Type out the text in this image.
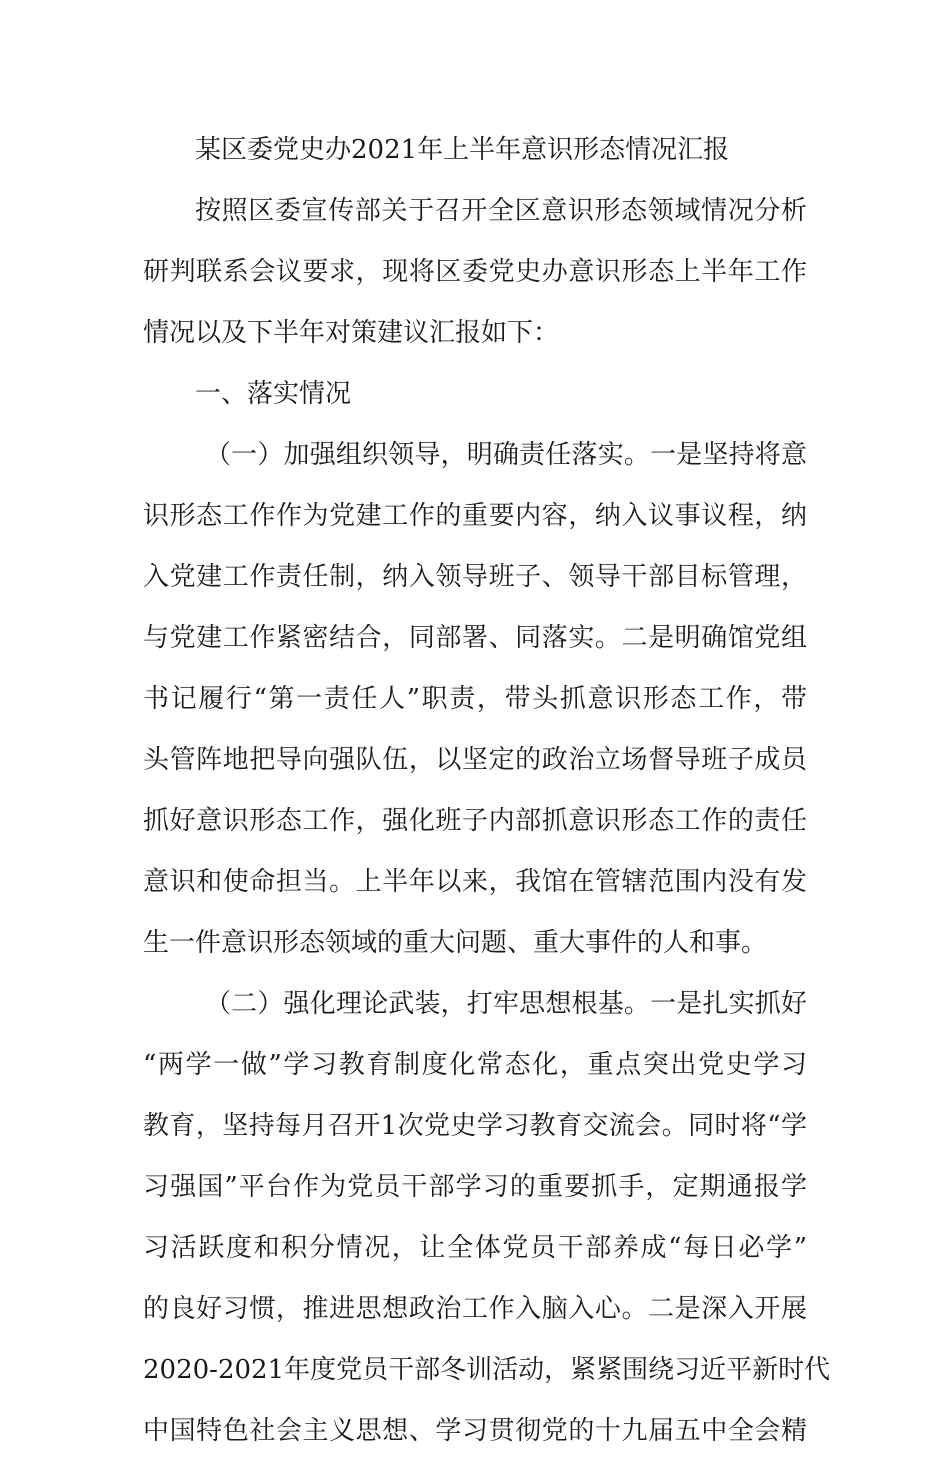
某区委党史办2021年上半年意识形态情况汇报
按照区委宣传部关于召开全区意识形态领域情况分析
研判联系会议要求，现将区委党史办意识形态上半年工作
情况以及下半年对策建议汇报如下：
一、落实情况
（一）加强组织领导，明确责任落实。一是坚持将意
识形态工作作为党建工作的重要内容，纳入议事议程，纳
入党建工作责任制，纳入领导班子、领导干部目标管理，
与党建工作紧密结合，同部署、同落实。二是明确馆党组
书记履行“第一责任人”职责，带头抓意识形态工作，带
头管阵地把导向强队伍，以坚定的政治立场督导班子成员
抓好意识形态工作，强化班子内部抓意识形态工作的责任
意识和使命担当。上半年以来，我馆在管辖范围内没有发
生一件意识形态领域的重大问题、重大事件的人和事。
（二）强化理论武装，打牢思想根基。一是扎实抓好
“两学一做”学习教育制度化常态化，重点突出党史学习
教育，坚持每月召开1次党史学习教育交流会。同时将“学
习强国”平台作为党员干部学习的重要抓手，定期通报学
习活跃度和积分情况，让全体党员干部养成“每日必学”
的良好习惯，推进思想政治工作入脑入心。二是深入开展
2020-2021年度党员干部冬训活动，紧紧围绕习近平新时代
中国特色社会主义思想、学习贯彻党的十九届五中全会精
